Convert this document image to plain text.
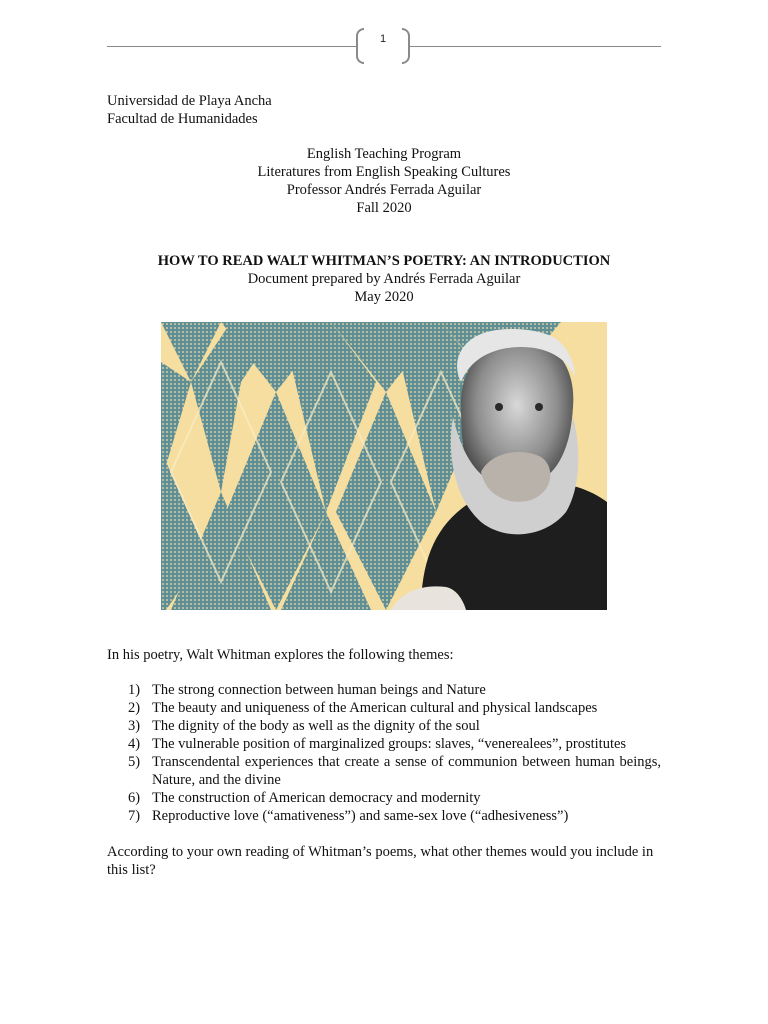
1
Universidad de Playa Ancha
Facultad de Humanidades
English Teaching Program
Literatures from English Speaking Cultures
Professor Andrés Ferrada Aguilar
Fall 2020
HOW TO READ WALT WHITMAN’S POETRY: AN INTRODUCTION
Document prepared by Andrés Ferrada Aguilar
May 2020
In his poetry, Walt Whitman explores the following themes:
1) The strong connection between human beings and Nature
2) The beauty and uniqueness of the American cultural and physical landscapes
3) The dignity of the body as well as the dignity of the soul
4) The vulnerable position of marginalized groups: slaves, “venerealees”, prostitutes
5) Transcendental experiences that create a sense of communion between human beings, Nature, and the divine
6) The construction of American democracy and modernity
7) Reproductive love (“amativeness”) and same-sex love (“adhesiveness”)
According to your own reading of Whitman’s poems, what other themes would you include in this list?
